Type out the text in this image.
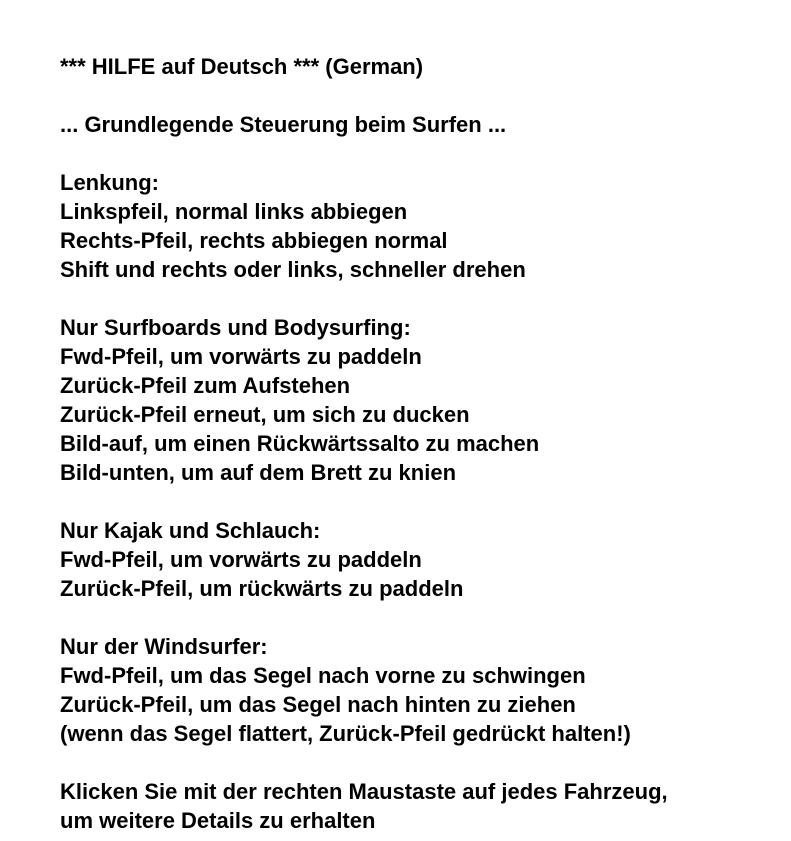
*** HILFE auf Deutsch *** (German)
... Grundlegende Steuerung beim Surfen ...
Lenkung:
Linkspfeil, normal links abbiegen
Rechts-Pfeil, rechts abbiegen normal
Shift und rechts oder links, schneller drehen
Nur Surfboards und Bodysurfing:
Fwd-Pfeil, um vorwärts zu paddeln
Zurück-Pfeil zum Aufstehen
Zurück-Pfeil erneut, um sich zu ducken
Bild-auf, um einen Rückwärtssalto zu machen
Bild-unten, um auf dem Brett zu knien
Nur Kajak und Schlauch:
Fwd-Pfeil, um vorwärts zu paddeln
Zurück-Pfeil, um rückwärts zu paddeln
Nur der Windsurfer:
Fwd-Pfeil, um das Segel nach vorne zu schwingen
Zurück-Pfeil, um das Segel nach hinten zu ziehen
(wenn das Segel flattert, Zurück-Pfeil gedrückt halten!)
Klicken Sie mit der rechten Maustaste auf jedes Fahrzeug,
um weitere Details zu erhalten
